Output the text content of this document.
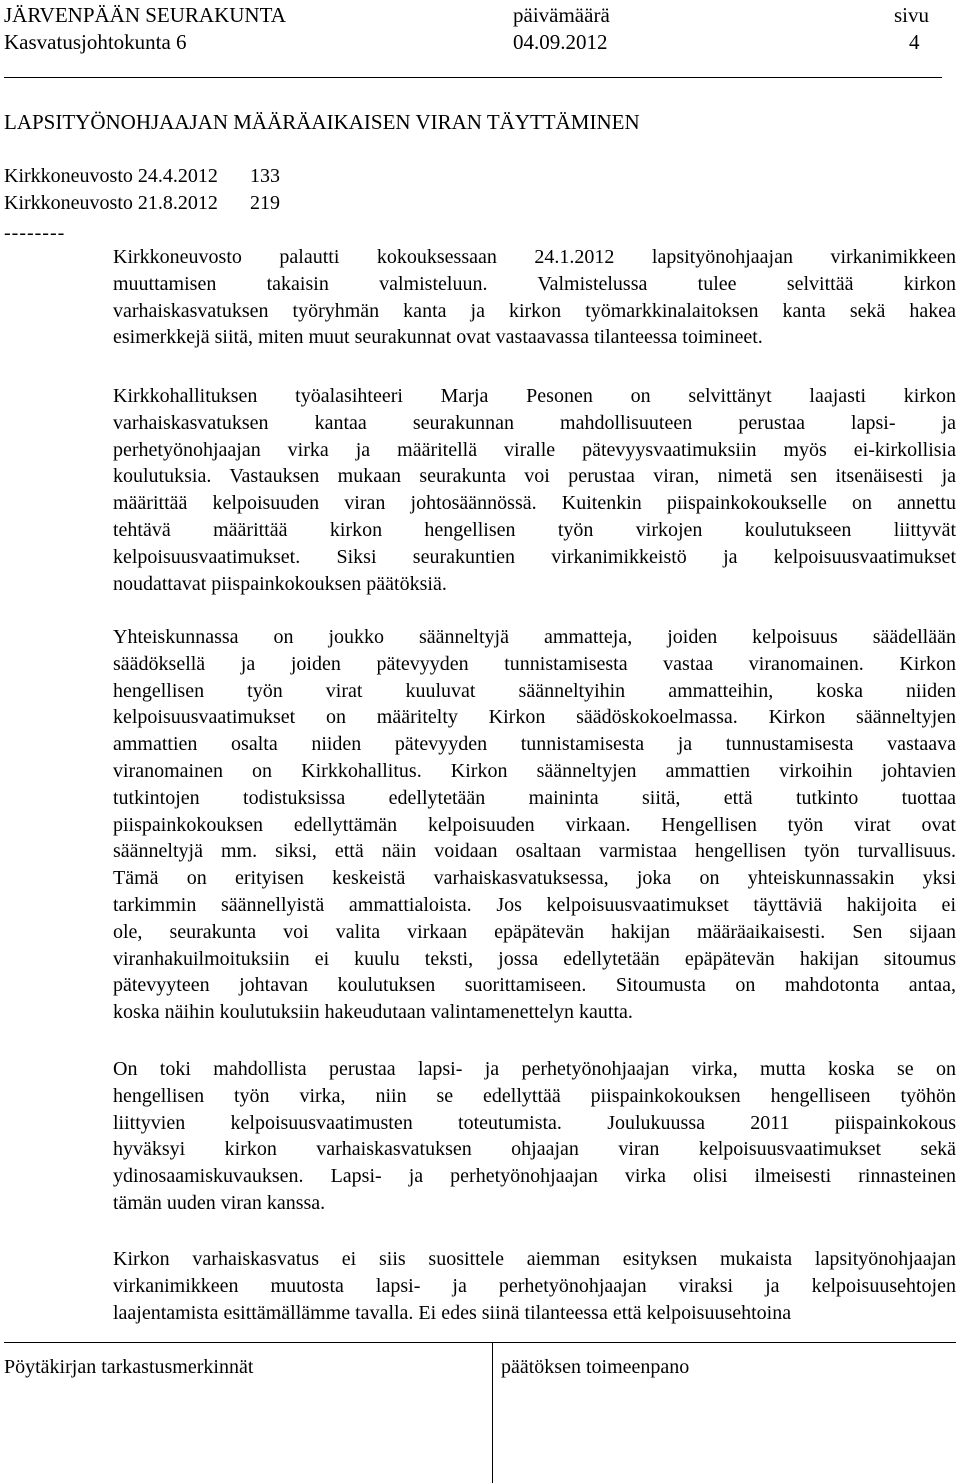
JÄRVENPÄÄN SEURAKUNTA
Kasvatusjohtokunta 6
päivämäärä
04.09.2012
sivu
4
LAPSITYÖNOHJAAJAN MÄÄRÄAIKAISEN VIRAN TÄYTTÄMINEN
Kirkkoneuvosto 24.4.2012 133
Kirkkoneuvosto 21.8.2012 219
--------
Kirkkoneuvosto palautti kokouksessaan 24.1.2012 lapsityönohjaajan virkanimikkeen
muuttamisen takaisin valmisteluun. Valmistelussa tulee selvittää kirkon
varhaiskasvatuksen työryhmän kanta ja kirkon työmarkkinalaitoksen kanta sekä hakea
esimerkkejä siitä, miten muut seurakunnat ovat vastaavassa tilanteessa toimineet.
Kirkkohallituksen työalasihteeri Marja Pesonen on selvittänyt laajasti kirkon
varhaiskasvatuksen kantaa seurakunnan mahdollisuuteen perustaa lapsi- ja
perhetyönohjaajan virka ja määritellä viralle pätevyysvaatimuksiin myös ei-kirkollisia
koulutuksia. Vastauksen mukaan seurakunta voi perustaa viran, nimetä sen itsenäisesti ja
määrittää kelpoisuuden viran johtosäännössä. Kuitenkin piispainkokoukselle on annettu
tehtävä määrittää kirkon hengellisen työn virkojen koulutukseen liittyvät
kelpoisuusvaatimukset. Siksi seurakuntien virkanimikkeistö ja kelpoisuusvaatimukset
noudattavat piispainkokouksen päätöksiä.
Yhteiskunnassa on joukko säänneltyjä ammatteja, joiden kelpoisuus säädellään
säädöksellä ja joiden pätevyyden tunnistamisesta vastaa viranomainen. Kirkon
hengellisen työn virat kuuluvat säänneltyihin ammatteihin, koska niiden
kelpoisuusvaatimukset on määritelty Kirkon säädöskokoelmassa. Kirkon säänneltyjen
ammattien osalta niiden pätevyyden tunnistamisesta ja tunnustamisesta vastaava
viranomainen on Kirkkohallitus. Kirkon säänneltyjen ammattien virkoihin johtavien
tutkintojen todistuksissa edellytetään mainintа siitä, että tutkinto tuottaa
piispainkokouksen edellyttämän kelpoisuuden virkaan. Hengellisen työn virat ovat
säänneltyjä mm. siksi, että näin voidaan osaltaan varmistaa hengellisen työn turvallisuus.
Tämä on erityisen keskeistä varhaiskasvatuksessa, joka on yhteiskunnassakin yksi
tarkimmin säännellyistä ammattialoista. Jos kelpoisuusvaatimukset täyttäviä hakijoita ei
ole, seurakunta voi valita virkaan epäpätevän hakijan määräaikaisesti. Sen sijaan
viranhakuilmoituksiin ei kuulu teksti, jossa edellytetään epäpätevän hakijan sitoumus
pätevyyteen johtavan koulutuksen suorittamiseen. Sitoumusta on mahdotonta antaa,
koska näihin koulutuksiin hakeudutaan valintamenettelyn kautta.
On toki mahdollista perustaa lapsi- ja perhetyönohjaajan virka, mutta koska se on
hengellisen työn virka, niin se edellyttää piispainkokouksen hengelliseen työhön
liittyvien kelpoisuusvaatimusten toteutumista. Joulukuussa 2011 piispainkokous
hyväksyi kirkon varhaiskasvatuksen ohjaajan viran kelpoisuusvaatimukset sekä
ydinosaamiskuvauksen. Lapsi- ja perhetyönohjaajan virka olisi ilmeisesti rinnasteinen
tämän uuden viran kanssa.
Kirkon varhaiskasvatus ei siis suosittele aiemman esityksen mukaista lapsityönohjaajan
virkanimikkeen muutosta lapsi- ja perhetyönohjaajan viraksi ja kelpoisuusehtojen
laajentamista esittämällämme tavalla. Ei edes siinä tilanteessa että kelpoisuusehtoina
Pöytäkirjan tarkastusmerkinnät	päätöksen toimeenpano
